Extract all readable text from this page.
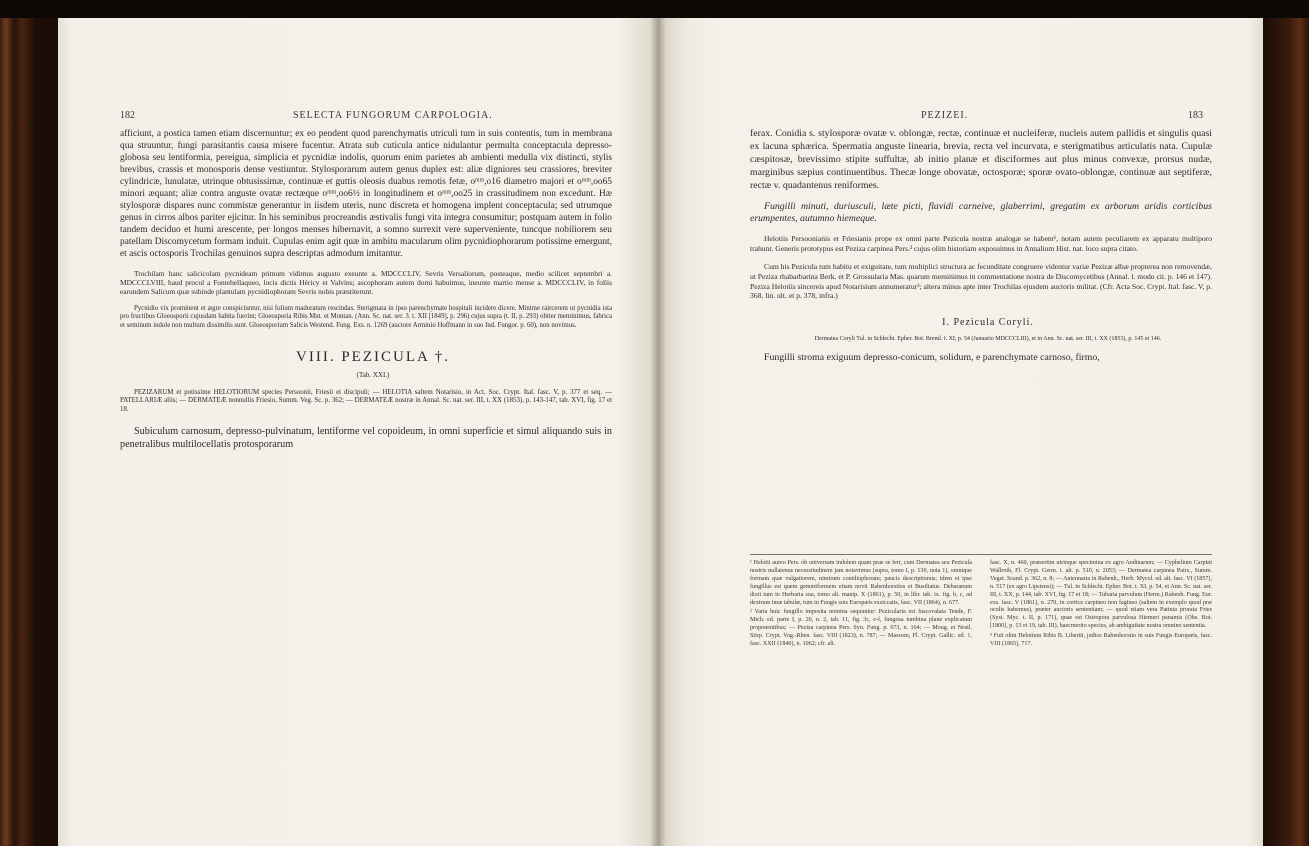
182	SELECTA FUNGORUM CARPOLOGIA.

afficiunt, a postica tamen etiam discernuntur; ex eo pendent quod parenchymatis utriculi tum in suis contentis, tum in membrana qua struuntur, fungi parasitantis causa misere fucentur. Atrata sub cuticula antice nidulantur permulta conceptacula depresso-globosa seu lentiformia, pereigua, simplicia et pycnidiæ indolis, quorum enim parietes ab ambienti medulla vix distincti, stylis brevibus, crassis et monosporis dense vestiuntur. Stylosporarum autem genus duplex est: aliæ digniores seu crassiores, breviter cylindricæ, lunulatæ, utrinque obtusissimæ, continuæ et guttis oleosis duabus remotis fetæ, oᵐᵐ,o16 diametro majori et oᵐᵐ,oo65 minori æquant; aliæ contra anguste ovatæ rectæque oᵐᵐ,oo6½ in longitudinem et oᵐᵐ,oo25 in crassitudinem non excedunt. Hæ stylosporæ dispares nunc commistæ generantur in iisdem uteris, nunc discreta et homogena implent conceptacula; sed utrumque genus in cirros albos pariter ejicitur. In his seminibus procreandis æstivalis fungi vita integra consumitur; postquam autem in folio tandem deciduo et humi arescente, per longos menses hibernavit, a somno surrexit vere superveniente, tuncque nobiliorem seu patellam Discomycetum formam induit. Cupulas enim agit quæ in ambitu macularum olim pycnidiophorarum potissime emergunt, et ascis octosporis Trochilas genuinos supra descriptas admodum imitantur.

Trochilam hanc salicicolam pycnideam primum vidimus augusto exeunte a. MDCCCLIV, Sevris Versaliorum, posteaque, medio scilicet septembri a. MDCCCLVIII, haud procul a Fontebellaqueo, locis dictis Héricy et Valvins; ascophoram autem domi habuimus, ineunte martio mense a. MDCCCLIV, in foliis earundem Salicum quæ subinde plantulam pycnidiophoram Sevris nobis præstiterunt.

Pycnidio vix prominent et ægre conspiciuntur, nisi folium madoratum rescindas. Sterigmata in ipso parenchymate hospitali incidere dicere. Minime raircerem ut pycnidia ista pro fructibus Gloeosporii cujusdam habita fuerint; Gloeosporia Ribis Mnt. et Montan. (Ann. Sc. nat. ser. 3. t. XII [1849], p. 296) cujus supra (t. II, p. 293) obiter meminimus, fabrica et seminum indole non multum dissimilis sunt. Gloeosporium Salicis Westend. Fung. Exs. n. 1269 (auctore Arminio Hoffmann in suo Ind. Fungor. p. 60), non novimus.

VIII. PEZICULA †.

(Tab. XXI.)

PEZIZARUM et potissime HELOTIORUM species Persoonii, Friesii et discipuli; — HELOTIA saltem Notarisio, in Act. Soc. Crypt. Ital. fasc. V, p. 377 et seq. — PATELLARIÆ aliis; — DERMATEÆ nonnullis Friesio, Summ. Veg. Sc. p. 362; — DERMATEÆ nostræ in Annal. Sc. nat. ser. III, t. XX (1853), p. 143-147, tab. XVI, fig. 17 et 18.

Subiculum carnosum, depresso-pulvinatum, lentiforme vel copoideum, in omni superficie et simul aliquando suis in penetralibus multilocellatis protosporarum

PEZIZEI.	183

ferax. Conidia s. stylosporæ ovatæ v. oblongæ, rectæ, continuæ et nucleiferæ, nucleis autem pallidis et singulis quasi ex lacuna sphærica. Spermatia anguste linearia, brevia, recta vel incurvata, e sterigmatibus articulatis nata. Cupulæ cæspitosæ, brevissimo stipite suffultæ, ab initio planæ et disciformes aut plus minus convexæ, prorsus nudæ, marginibus sæpius continuentibus. Thecæ longe obovatæ, octosporæ; sporæ ovato-oblongæ, continuæ aut septiferæ, rectæ v. quadantenus reniformes.

Fungilli minuti, duriusculi, læte picti, flavidi carneive, glaberrimi, gregatim ex arborum aridis corticibus erumpentes, autumno hiemeque.

Helotiis Persoonianis et Friesianis prope ex omni parte Pezicula nostræ analogæ se habent¹, notam autem peculiarem ex apparatu multiporo trahunt. Generis prototypus est Peziza carpinea Pers.² cujus olim historiam exposuimus in Annalium Hist. nat. loco supra citato.

Cum his Pezicula tum habitu et exiguitate, tum multiplici structura ac fecunditate congruere videntur variæ Pezizæ albæ propterea non removendæ, ut Peziza rhabarbarina Berk. et P. Grossularia Mas. quarum meminimus in commentatione nostra de Discomycetibus (Annal. l. modo cit. p. 146 et 147). Peziza Helotiis sincereis apud Notarisium annumeratur³; altera minus apte inter Trochilas ejusdem auctoris militat. (Cfr. Acta Soc. Crypt. Ital. fasc. V, p. 368, lin. ult. et p. 378, infra.)

I. Pezicula Coryli.

Dermatea Coryli Tul. in Schlecht. Epher. Bot. Breml. t. XI, p. 54 (Januario MDCCCLIII), et in Ann. Sc. nat. ser. III, t. XX (1853), p. 145 et 146.

Fungilli stroma exiguum depresso-conicum, solidum, e parenchymate carnoso, firmo,

¹ Helotii aureo Pers. ob universam indolem quam prae se fert, cum Dermatea seu Pezicula nostris nullatenus necessitudinem jam notavimus (supra, tomo I, p. 130, nota 1), omnique formam quæ vulgatiorem, nimirum conidiophoram; paucis descriptionus; idem et ipse fungillus est quem gemmiformem etiam novit Rabenhorstius et Busiliatus. Debaranum dixit tum in Herbaria sua, tomo alt. manip. X (1861), p. 50, in libr. tab. ix. fig. b, c, ad dextrum imæ tabulæ, tum in Fungis suis Europæis exsiccatis, fasc. VII (1864), n. 677.

² Varia huic fungillo imposita nomina sequuntur: Pezicularia est fuscovalata Tende, F. Mich. ed. parte I, p. 20, n. 2, tab. 11, fig. 3c, e-f, fungosa tumbina plane explicatum proponentibus; — Peziza carpinea Pers. Syn. Fung. p. 673, n. 164; — Moug. et Nestl. Stirp. Crypt. Vog.-Rhen. fasc. VIII (1823), n. 787; — Massom, Fl. Crypt. Gallic. ed. 1, fasc. XXII (1840), n. 1062; cfr. alt.

fasc. X, n. 460, præsertim utrinque specimina ex agro Andinarum; — Cyphelium Carpini Wallroth, Fl. Crypt. Germ. t. alt. p. 510, n. 2053; — Dermatea carpinea Pairs., Summ. Veget. Scand. p. 362, n. 8; — Antennaria in Rabenh., Herb. Mycol. ed. alt. fasc. VI (1857), n. 517 (ex agro Lipsiensi); — Tul. in Schlecht. Epher. Bot. t. XI, p. 54, et Ann. Sc. nat. ser. III, t. XX, p. 144, tab. XVI, fig. 17 et 18; — Tubaria parvulum (Herm.) Rabenh. Fung. Eur. exs. fasc. V (1861), n. 270, in cortice carpineo non fagineo (saltem in exemplo quod præ oculis habemus), præter auctoris sententiam; — quod etiam vera Patinia prorata Fries (Syst. Myc. t. II, p. 171), quae est Ostropora parvulosa Hiemeri panamis (Obs. Bot. [1800], p. 13 et 19, tab. III), haecmerito species, ab ambiguitate nostra omnino sententia.

³ Fuit olim Helotium Ribis B. Libertii, judice Rabenhorstio in suis Fungis Europæis, fasc. VIII (1865), 717.
